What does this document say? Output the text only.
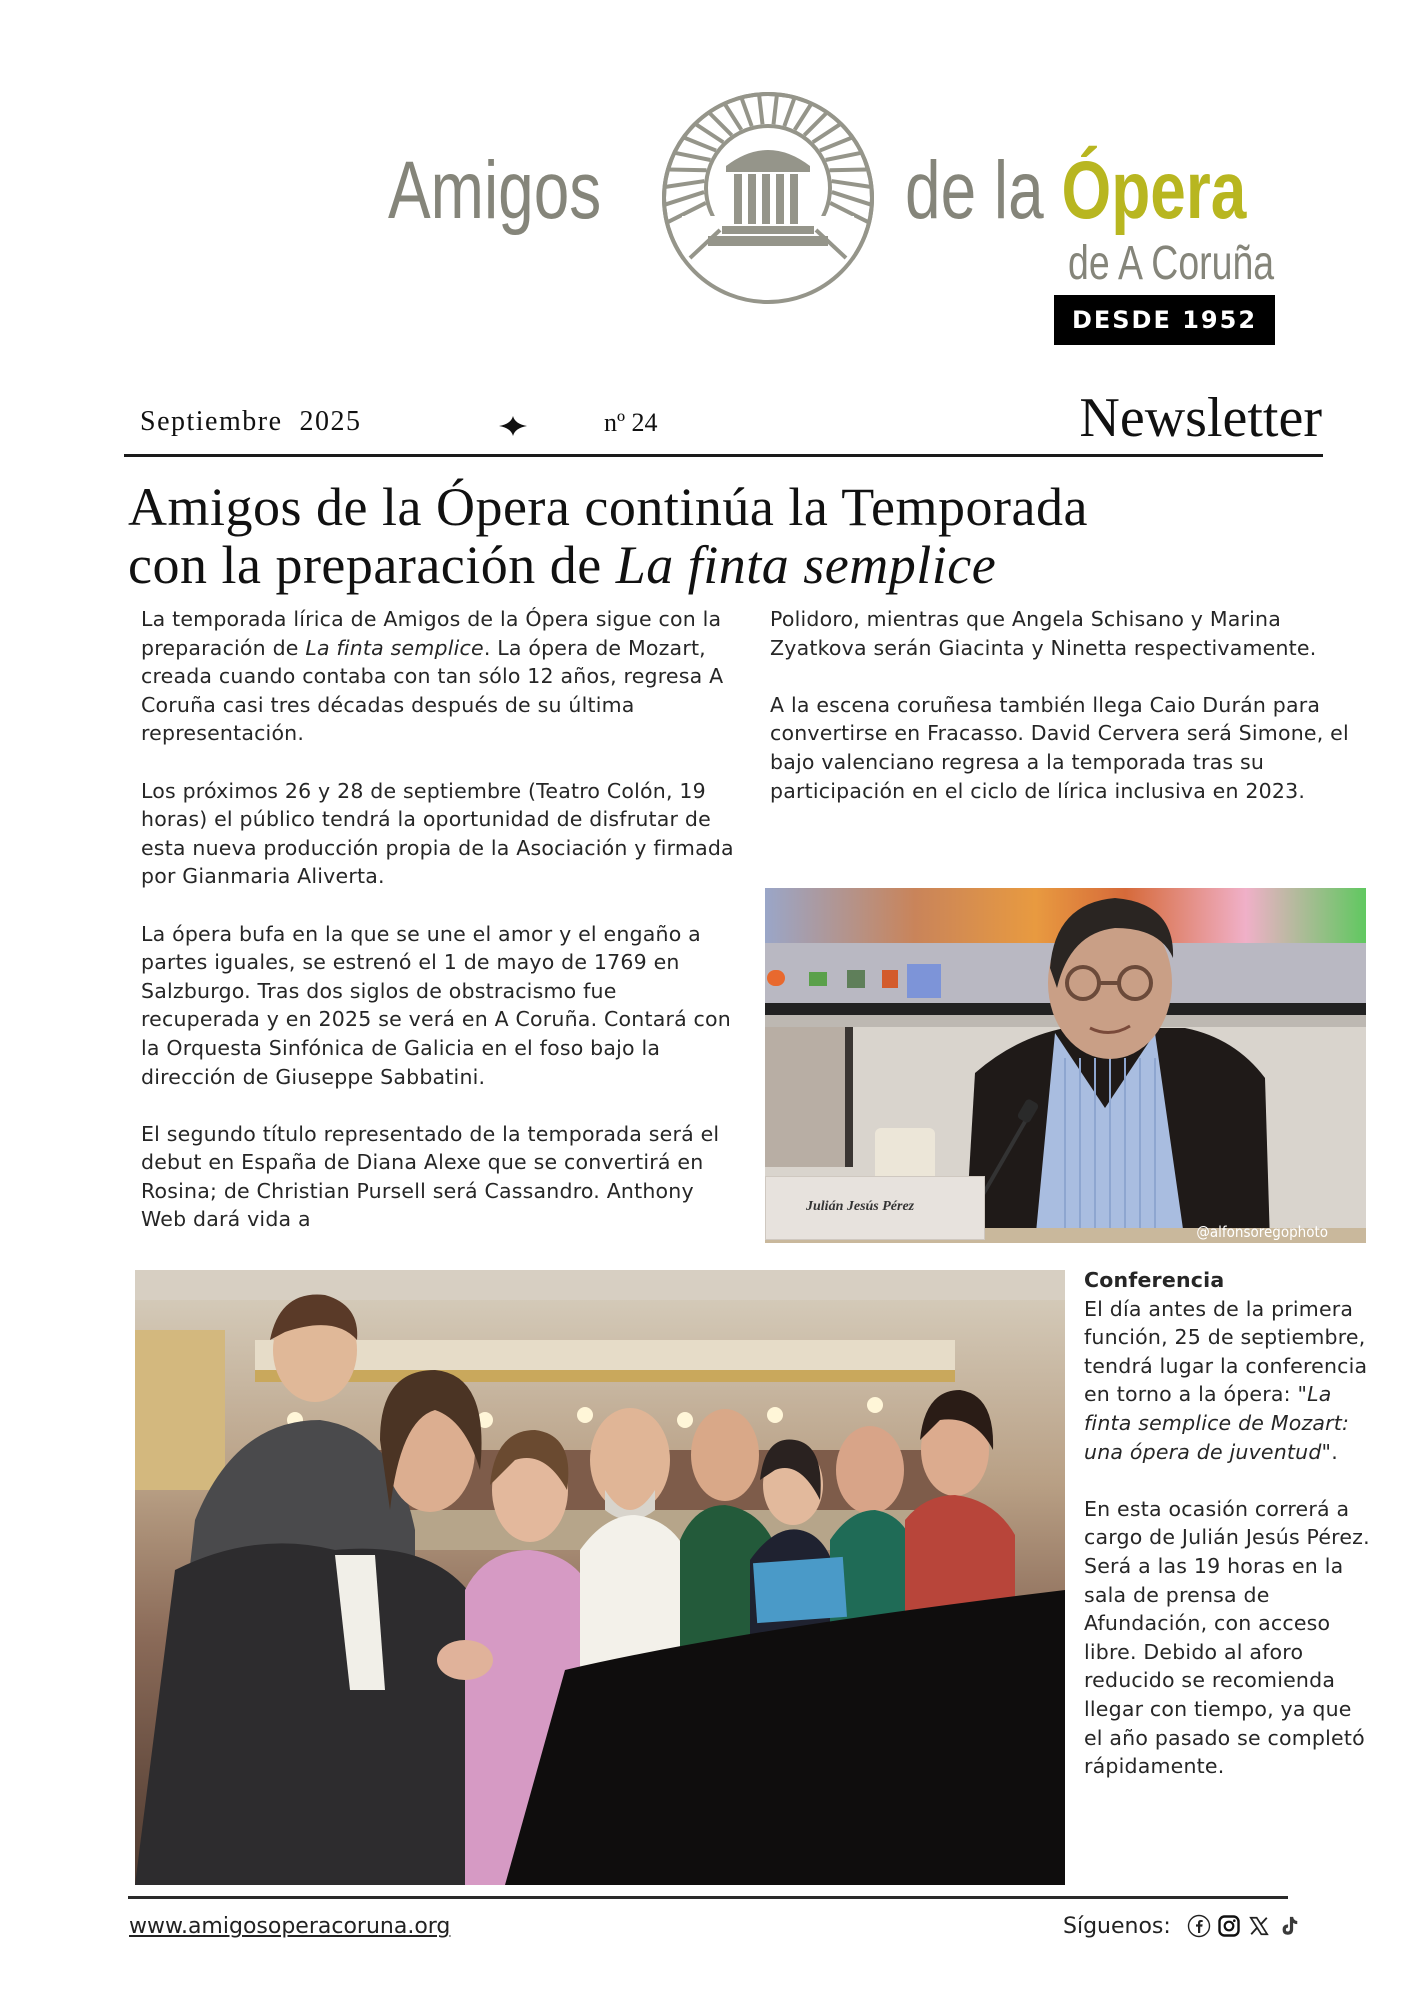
Amigos	de la Ópera
de A Coruña
DESDE 1952
Septiembre  2025	nº 24	Newsletter
Amigos de la Ópera continúa la Temporada
con la preparación de La finta semplice

La temporada lírica de Amigos de la Ópera sigue con la preparación de La finta semplice. La ópera de Mozart, creada cuando contaba con tan sólo 12 años, regresa A Coruña casi tres décadas después de su última representación.

Los próximos 26 y 28 de septiembre (Teatro Colón, 19 horas) el público tendrá la oportunidad de disfrutar de esta nueva producción propia de la Asociación y firmada por Gianmaria Aliverta.

La ópera bufa en la que se une el amor y el engaño a partes iguales, se estrenó el 1 de mayo de 1769 en Salzburgo. Tras dos siglos de obstracismo fue recuperada y en 2025 se verá en A Coruña. Contará con la Orquesta Sinfónica de Galicia en el foso bajo la dirección de Giuseppe Sabbatini.

El segundo título representado de la temporada será el debut en España de Diana Alexe que se convertirá en Rosina; de Christian Pursell será Cassandro. Anthony Web dará vida a

Polidoro, mientras que Angela Schisano y Marina Zyatkova serán Giacinta y Ninetta respectivamente.

A la escena coruñesa también llega Caio Durán para convertirse en Fracasso. David Cervera será Simone, el bajo valenciano regresa a la temporada tras su participación en el ciclo de lírica inclusiva en 2023.

Julián Jesús Pérez
@alfonsoregophoto
Conferencia

El día antes de la primera función, 25 de septiembre, tendrá lugar la conferencia en torno a la ópera: "La finta semplice de Mozart: una ópera de juventud".

En esta ocasión correrá a cargo de Julián Jesús Pérez. Será a las 19 horas en la sala de prensa de Afundación, con acceso libre. Debido al aforo reducido se recomienda llegar con tiempo, ya que el año pasado se completó rápidamente.

www.amigosoperacoruna.org	Síguenos:
